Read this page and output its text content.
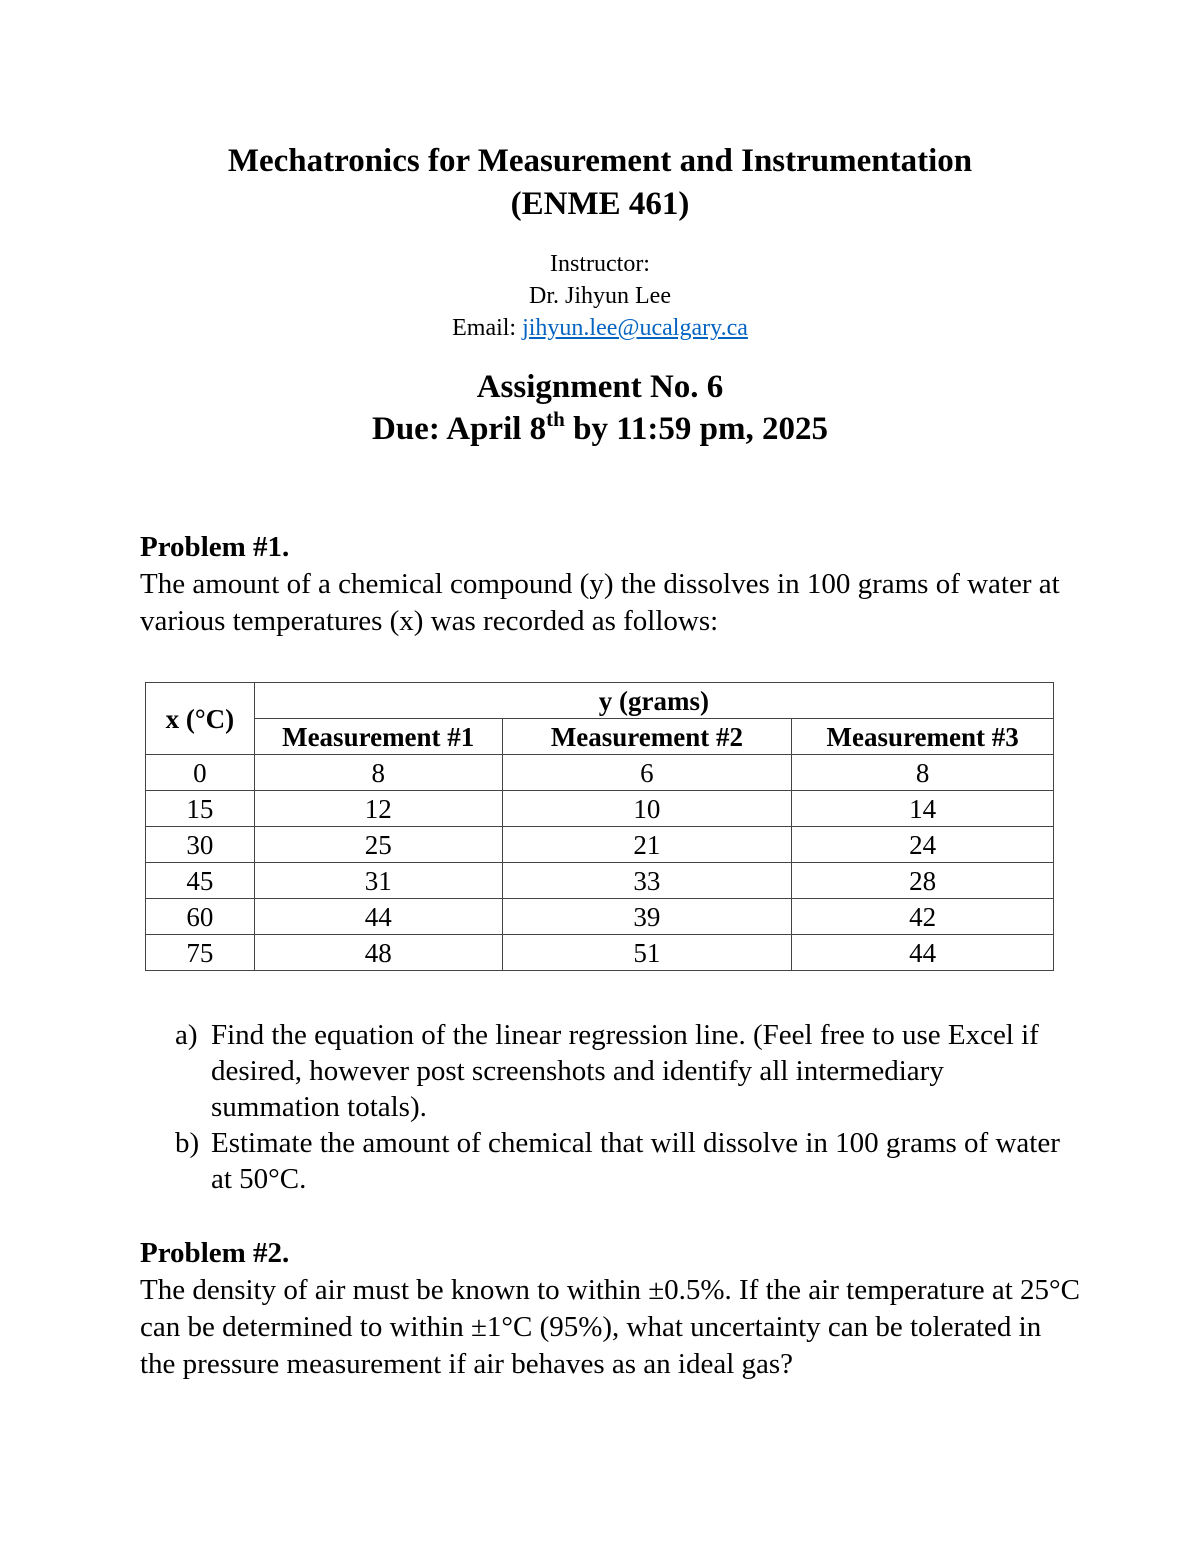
Mechatronics for Measurement and Instrumentation
(ENME 461)
Instructor:
Dr. Jihyun Lee
Email: jihyun.lee@ucalgary.ca
Assignment No. 6
Due: April 8th by 11:59 pm, 2025
Problem #1.
The amount of a chemical compound (y) the dissolves in 100 grams of water at various temperatures (x) was recorded as follows:
x (°C)	y (grams)		
	Measurement #1	Measurement #2	Measurement #3
0	8	6	8
15	12	10	14
30	25	21	24
45	31	33	28
60	44	39	42
75	48	51	44
a) Find the equation of the linear regression line. (Feel free to use Excel if desired, however post screenshots and identify all intermediary summation totals).
b) Estimate the amount of chemical that will dissolve in 100 grams of water at 50°C.
Problem #2.
The density of air must be known to within ±0.5%. If the air temperature at 25°C can be determined to within ±1°C (95%), what uncertainty can be tolerated in the pressure measurement if air behaves as an ideal gas?
